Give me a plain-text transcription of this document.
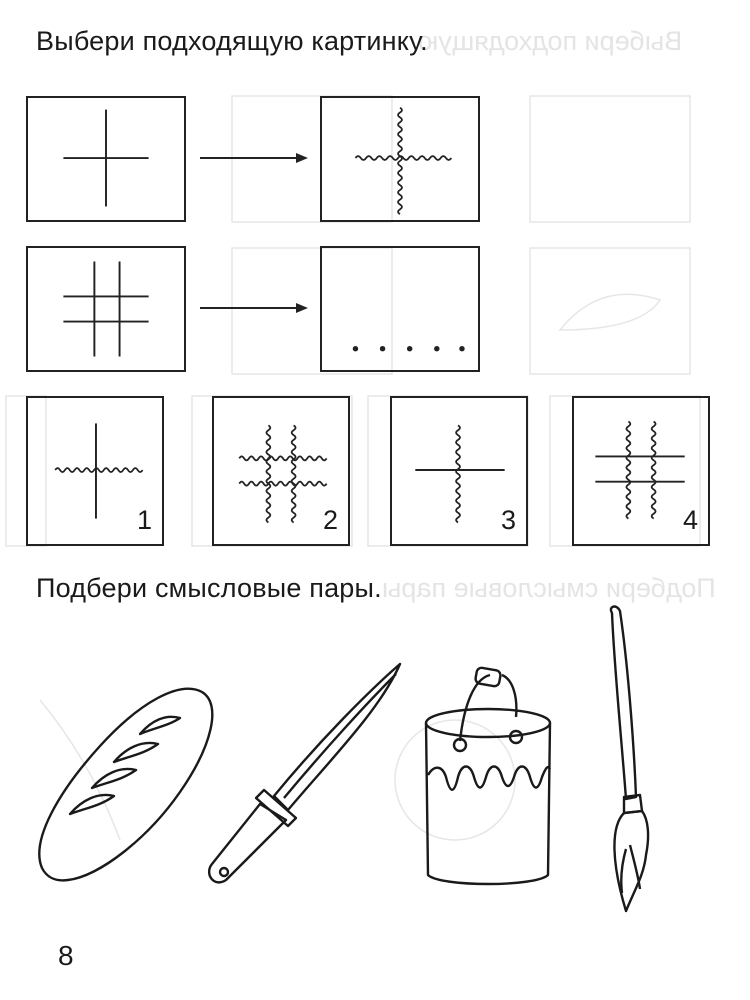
Выбери подходящую
Подбери смысловые пары
Выбери подходящую картинку.
1	2	3	4
Подбери смысловые пары.
8
